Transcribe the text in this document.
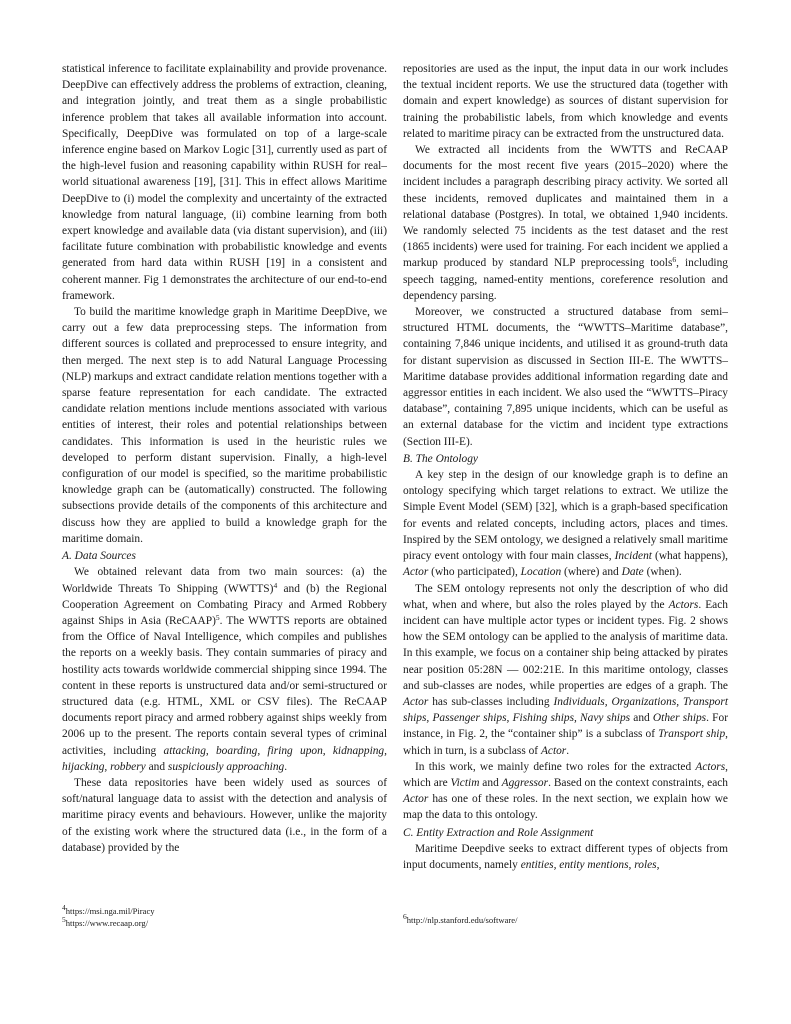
statistical inference to facilitate explainability and provide provenance. DeepDive can effectively address the problems of extraction, cleaning, and integration jointly, and treat them as a single probabilistic inference problem that takes all available information into account. Specifically, DeepDive was formulated on top of a large-scale inference engine based on Markov Logic [31], currently used as part of the high-level fusion and reasoning capability within RUSH for real–world situational awareness [19], [31]. This in effect allows Maritime DeepDive to (i) model the complexity and uncertainty of the extracted knowledge from natural language, (ii) combine learning from both expert knowledge and available data (via distant supervision), and (iii) facilitate future combination with probabilistic knowledge and events generated from hard data within RUSH [19] in a consistent and coherent manner. Fig 1 demonstrates the architecture of our end-to-end framework.

To build the maritime knowledge graph in Maritime DeepDive, we carry out a few data preprocessing steps. The information from different sources is collated and preprocessed to ensure integrity, and then merged. The next step is to add Natural Language Processing (NLP) markups and extract candidate relation mentions together with a sparse feature representation for each candidate. The extracted candidate relation mentions include mentions associated with various entities of interest, their roles and potential relationships between candidates. This information is used in the heuristic rules we developed to perform distant supervision. Finally, a high-level configuration of our model is specified, so the maritime probabilistic knowledge graph can be (automatically) constructed. The following subsections provide details of the components of this architecture and discuss how they are applied to build a knowledge graph for the maritime domain.

A. Data Sources

We obtained relevant data from two main sources: (a) the Worldwide Threats To Shipping (WWTTS)$^4$ and (b) the Regional Cooperation Agreement on Combating Piracy and Armed Robbery against Ships in Asia (ReCAAP)$^5$. The WWTTS reports are obtained from the Office of Naval Intelligence, which compiles and publishes the reports on a weekly basis. They contain summaries of piracy and hostility acts towards worldwide commercial shipping since 1994. The content in these reports is unstructured data and/or semi-structured or structured data (e.g. HTML, XML or CSV files). The ReCAAP documents report piracy and armed robbery against ships weekly from 2006 up to the present. The reports contain several types of criminal activities, including attacking, boarding, firing upon, kidnapping, hijacking, robbery and suspiciously approaching.

These data repositories have been widely used as sources of soft/natural language data to assist with the detection and analysis of maritime piracy events and behaviours. However, unlike the majority of the existing work where the structured data (i.e., in the form of a database) provided by the

repositories are used as the input, the input data in our work includes the textual incident reports. We use the structured data (together with domain and expert knowledge) as sources of distant supervision for training the probabilistic labels, from which knowledge and events related to maritime piracy can be extracted from the unstructured data.

We extracted all incidents from the WWTTS and ReCAAP documents for the most recent five years (2015–2020) where the incident includes a paragraph describing piracy activity. We sorted all these incidents, removed duplicates and maintained them in a relational database (Postgres). In total, we obtained 1,940 incidents. We randomly selected 75 incidents as the test dataset and the rest (1865 incidents) were used for training. For each incident we applied a markup produced by standard NLP preprocessing tools$^6$, including speech tagging, named-entity mentions, coreference resolution and dependency parsing.

Moreover, we constructed a structured database from semi–structured HTML documents, the “WWTTS–Maritime database”, containing 7,846 unique incidents, and utilised it as ground-truth data for distant supervision as discussed in Section III-E. The WWTTS–Maritime database provides additional information regarding date and aggressor entities in each incident. We also used the “WWTTS–Piracy database”, containing 7,895 unique incidents, which can be useful as an external database for the victim and incident type extractions (Section III-E).

B. The Ontology

A key step in the design of our knowledge graph is to define an ontology specifying which target relations to extract. We utilize the Simple Event Model (SEM) [32], which is a graph-based specification for events and related concepts, including actors, places and times. Inspired by the SEM ontology, we designed a relatively small maritime piracy event ontology with four main classes, Incident (what happens), Actor (who participated), Location (where) and Date (when).

The SEM ontology represents not only the description of who did what, when and where, but also the roles played by the Actors. Each incident can have multiple actor types or incident types. Fig. 2 shows how the SEM ontology can be applied to the analysis of maritime data. In this example, we focus on a container ship being attacked by pirates near position 05:28N — 002:21E. In this maritime ontology, classes and sub-classes are nodes, while properties are edges of a graph. The Actor has sub-classes including Individuals, Organizations, Transport ships, Passenger ships, Fishing ships, Navy ships and Other ships. For instance, in Fig. 2, the “container ship” is a subclass of Transport ship, which in turn, is a subclass of Actor.

In this work, we mainly define two roles for the extracted Actors, which are Victim and Aggressor. Based on the context constraints, each Actor has one of these roles. In the next section, we explain how we map the data to this ontology.

C. Entity Extraction and Role Assignment

Maritime Deepdive seeks to extract different types of objects from input documents, namely entities, entity mentions, roles,

$^4$https://msi.nga.mil/Piracy
$^5$https://www.recaap.org/
$^6$http://nlp.stanford.edu/software/
